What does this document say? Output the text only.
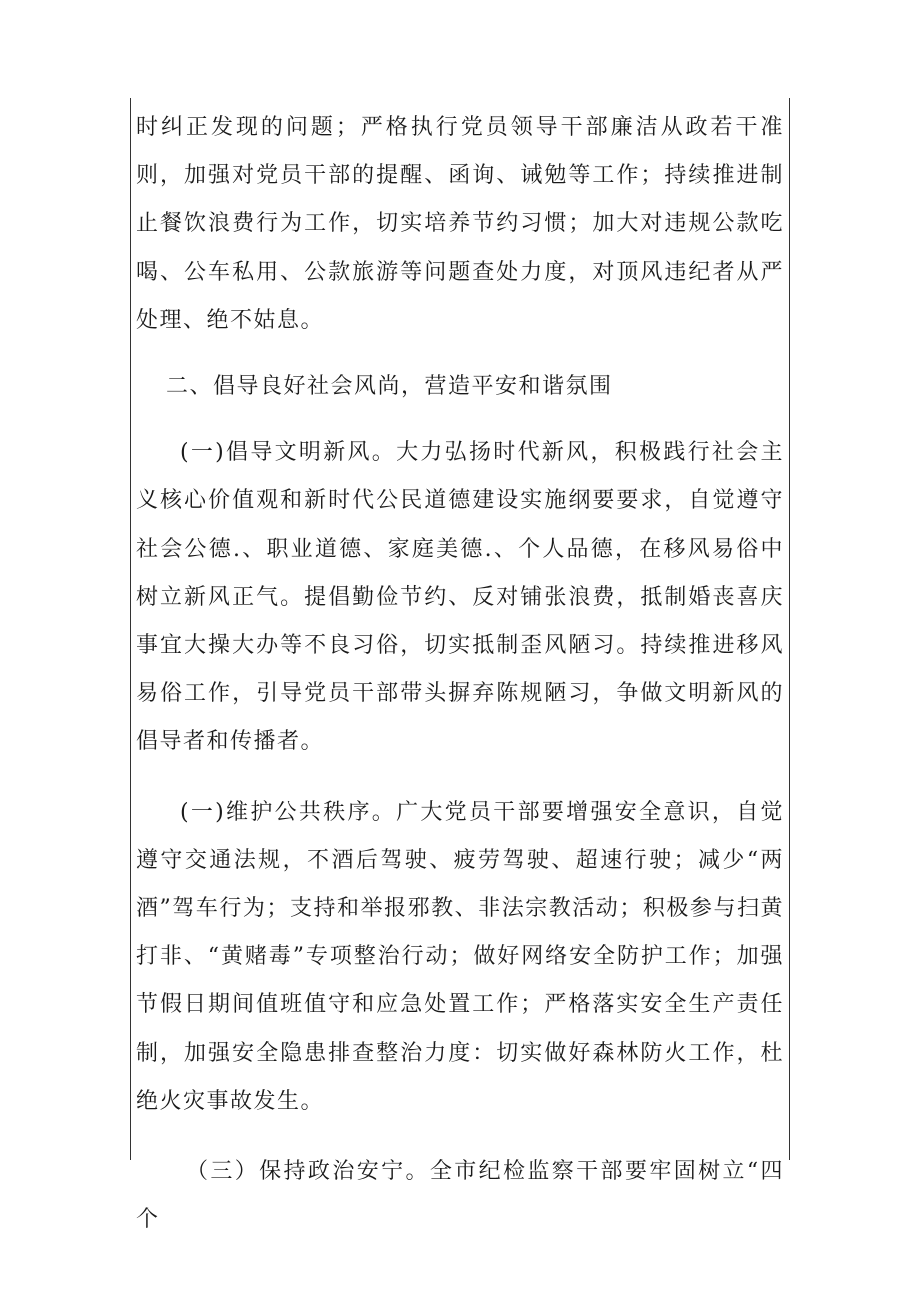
时纠正发现的问题；严格执行党员领导干部廉洁从政若干准则，加强对党员干部的提醒、函询、诫勉等工作；持续推进制止餐饮浪费行为工作，切实培养节约习惯；加大对违规公款吃喝、公车私用、公款旅游等问题查处力度，对顶风违纪者从严处理、绝不姑息。

二、倡导良好社会风尚，营造平安和谐氛围

(一)倡导文明新风。大力弘扬时代新风，积极践行社会主义核心价值观和新时代公民道德建设实施纲要要求，自觉遵守社会公德.、职业道德、家庭美德.、个人品德，在移风易俗中树立新风正气。提倡勤俭节约、反对铺张浪费，抵制婚丧喜庆事宜大操大办等不良习俗，切实抵制歪风陋习。持续推进移风易俗工作，引导党员干部带头摒弃陈规陋习，争做文明新风的倡导者和传播者。

(一)维护公共秩序。广大党员干部要增强安全意识，自觉遵守交通法规，不酒后驾驶、疲劳驾驶、超速行驶；减少“两酒”驾车行为；支持和举报邪教、非法宗教活动；积极参与扫黄打非、“黄赌毒”专项整治行动；做好网络安全防护工作；加强节假日期间值班值守和应急处置工作；严格落实安全生产责任制，加强安全隐患排查整治力度：切实做好森林防火工作，杜绝火灾事故发生。

（三）保持政治安宁。全市纪检监察干部要牢固树立“四个
